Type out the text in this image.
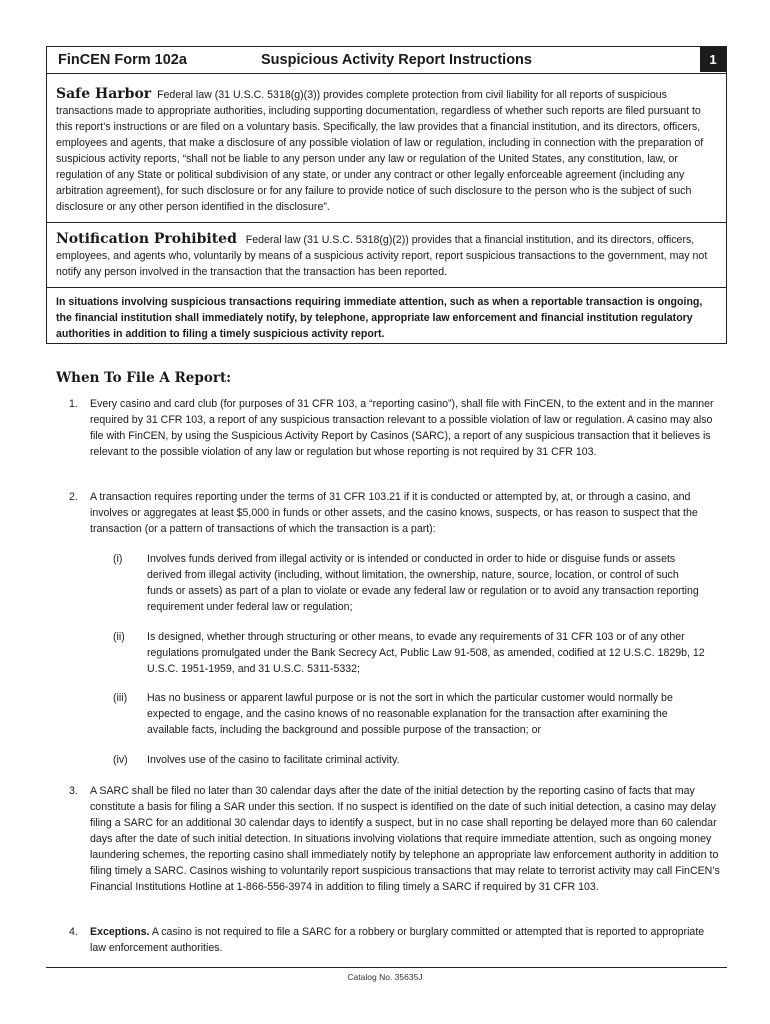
FinCEN Form 102a	Suspicious Activity Report Instructions	1
Safe Harbor Federal law (31 U.S.C. 5318(g)(3)) provides complete protection from civil liability for all reports of suspicious transactions made to appropriate authorities, including supporting documentation, regardless of whether such reports are filed pursuant to this report’s instructions or are filed on a voluntary basis. Specifically, the law provides that a financial institution, and its directors, officers, employees and agents, that make a disclosure of any possible violation of law or regulation, including in connection with the preparation of suspicious activity reports, “shall not be liable to any person under any law or regulation of the United States, any constitution, law, or regulation of any State or political subdivision of any state, or under any contract or other legally enforceable agreement (including any arbitration agreement), for such disclosure or for any failure to provide notice of such disclosure to the person who is the subject of such disclosure or any other person identified in the disclosure”.
Notification Prohibited Federal law (31 U.S.C. 5318(g)(2)) provides that a financial institution, and its directors, officers, employees, and agents who, voluntarily by means of a suspicious activity report, report suspicious transactions to the government, may not notify any person involved in the transaction that the transaction has been reported.
In situations involving suspicious transactions requiring immediate attention, such as when a reportable transaction is ongoing, the financial institution shall immediately notify, by telephone, appropriate law enforcement and financial institution regulatory authorities in addition to filing a timely suspicious activity report.
When To File A Report:
1. Every casino and card club (for purposes of 31 CFR 103, a “reporting casino”), shall file with FinCEN, to the extent and in the manner required by 31 CFR 103, a report of any suspicious transaction relevant to a possible violation of law or regulation. A casino may also file with FinCEN, by using the Suspicious Activity Report by Casinos (SARC), a report of any suspicious transaction that it believes is relevant to the possible violation of any law or regulation but whose reporting is not required by 31 CFR 103.
2. A transaction requires reporting under the terms of 31 CFR 103.21 if it is conducted or attempted by, at, or through a casino, and involves or aggregates at least $5,000 in funds or other assets, and the casino knows, suspects, or has reason to suspect that the transaction (or a pattern of transactions of which the transaction is a part):
(i) Involves funds derived from illegal activity or is intended or conducted in order to hide or disguise funds or assets derived from illegal activity (including, without limitation, the ownership, nature, source, location, or control of such funds or assets) as part of a plan to violate or evade any federal law or regulation or to avoid any transaction reporting requirement under federal law or regulation;
(ii) Is designed, whether through structuring or other means, to evade any requirements of 31 CFR 103 or of any other regulations promulgated under the Bank Secrecy Act, Public Law 91-508, as amended, codified at 12 U.S.C. 1829b, 12 U.S.C. 1951-1959, and 31 U.S.C. 5311-5332;
(iii) Has no business or apparent lawful purpose or is not the sort in which the particular customer would normally be expected to engage, and the casino knows of no reasonable explanation for the transaction after examining the available facts, including the background and possible purpose of the transaction; or
(iv) Involves use of the casino to facilitate criminal activity.
3. A SARC shall be filed no later than 30 calendar days after the date of the initial detection by the reporting casino of facts that may constitute a basis for filing a SAR under this section. If no suspect is identified on the date of such initial detection, a casino may delay filing a SARC for an additional 30 calendar days to identify a suspect, but in no case shall reporting be delayed more than 60 calendar days after the date of such initial detection. In situations involving violations that require immediate attention, such as ongoing money laundering schemes, the reporting casino shall immediately notify by telephone an appropriate law enforcement authority in addition to filing timely a SARC. Casinos wishing to voluntarily report suspicious transactions that may relate to terrorist activity may call FinCEN’s Financial Institutions Hotline at 1-866-556-3974 in addition to filing timely a SARC if required by 31 CFR 103.
4. Exceptions. A casino is not required to file a SARC for a robbery or burglary committed or attempted that is reported to appropriate law enforcement authorities.
Catalog No. 35635J
